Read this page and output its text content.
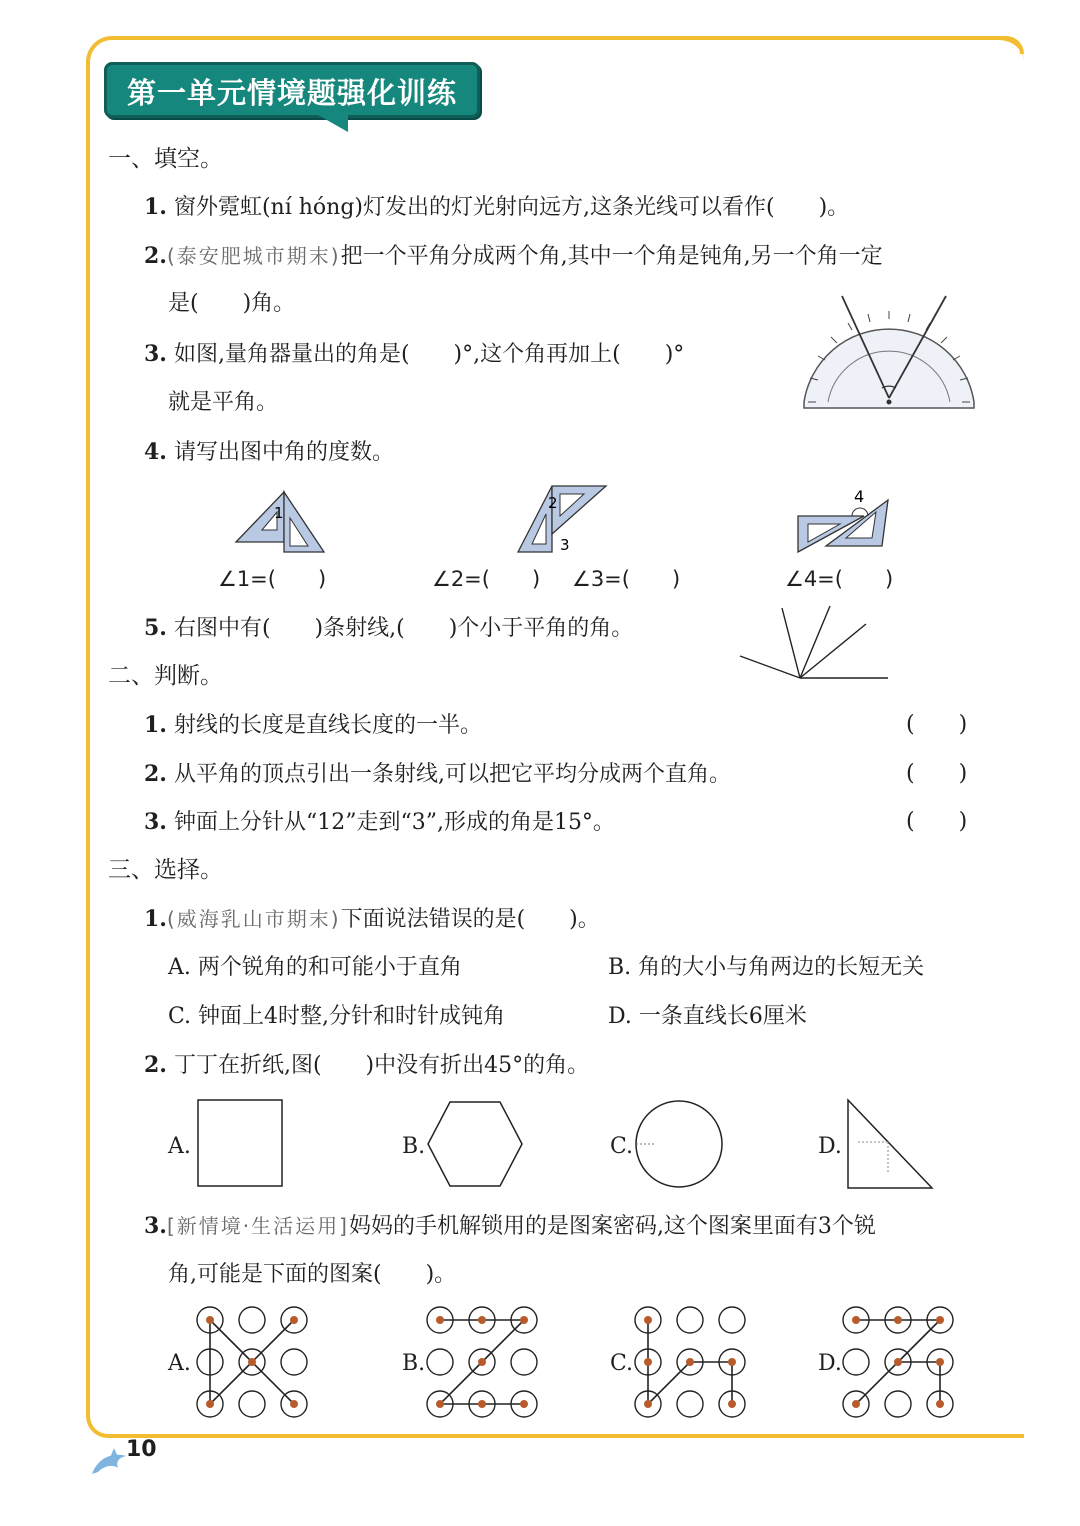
第一单元情境题强化训练
一、填空。
1. 窗外霓虹(ní hóng)灯发出的灯光射向远方,这条光线可以看作(　　)。
2.(泰安肥城市期末)把一个平角分成两个角,其中一个角是钝角,另一个角一定
是(　　)角。
3. 如图,量角器量出的角是(　　)°,这个角再加上(　　)°
就是平角。
4. 请写出图中角的度数。
1
2
3
4
∠1=(　　)	∠2=(　　) ∠3=(　　)	∠4=(　　)
5. 右图中有(　　)条射线,(　　)个小于平角的角。
二、判断。
1. 射线的长度是直线长度的一半。	(　　)
2. 从平角的顶点引出一条射线,可以把它平均分成两个直角。	(　　)
3. 钟面上分针从“12”走到“3”,形成的角是15°。	(　　)
三、选择。
1.(威海乳山市期末)下面说法错误的是(　　)。
A. 两个锐角的和可能小于直角	B. 角的大小与角两边的长短无关
C. 钟面上4时整,分针和时针成钝角	D. 一条直线长6厘米
2. 丁丁在折纸,图(　　)中没有折出45°的角。
A.	B.	C.	D.
3.[新情境·生活运用]妈妈的手机解锁用的是图案密码,这个图案里面有3个锐
角,可能是下面的图案(　　)。
A.	B.	C.	D.
10
